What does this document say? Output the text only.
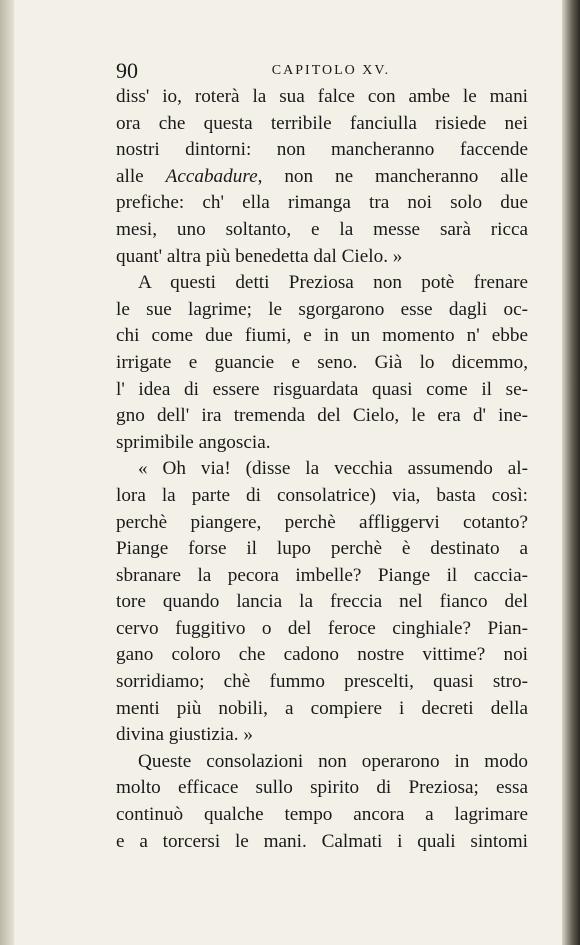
90	CAPITOLO XV.
diss' io, roterà la sua falce con ambe le mani
ora che questa terribile fanciulla risiede nei
nostri dintorni: non mancheranno faccende
alle Accabadure, non ne mancheranno alle
prefiche: ch' ella rimanga tra noi solo due
mesi, uno soltanto, e la messe sarà ricca
quant' altra più benedetta dal Cielo. »
A questi detti Preziosa non potè frenare
le sue lagrime; le sgorgarono esse dagli oc-
chi come due fiumi, e in un momento n' ebbe
irrigate e guancie e seno. Già lo dicemmo,
l' idea di essere risguardata quasi come il se-
gno dell' ira tremenda del Cielo, le era d' ine-
sprimibile angoscia.
« Oh via! (disse la vecchia assumendo al-
lora la parte di consolatrice) via, basta così:
perchè piangere, perchè affliggervi cotanto?
Piange forse il lupo perchè è destinato a
sbranare la pecora imbelle? Piange il caccia-
tore quando lancia la freccia nel fianco del
cervo fuggitivo o del feroce cinghiale? Pian-
gano coloro che cadono nostre vittime? noi
sorridiamo; chè fummo prescelti, quasi stro-
menti più nobili, a compiere i decreti della
divina giustizia. »
Queste consolazioni non operarono in modo
molto efficace sullo spirito di Preziosa; essa
continuò qualche tempo ancora a lagrimare
e a torcersi le mani. Calmati i quali sintomi
